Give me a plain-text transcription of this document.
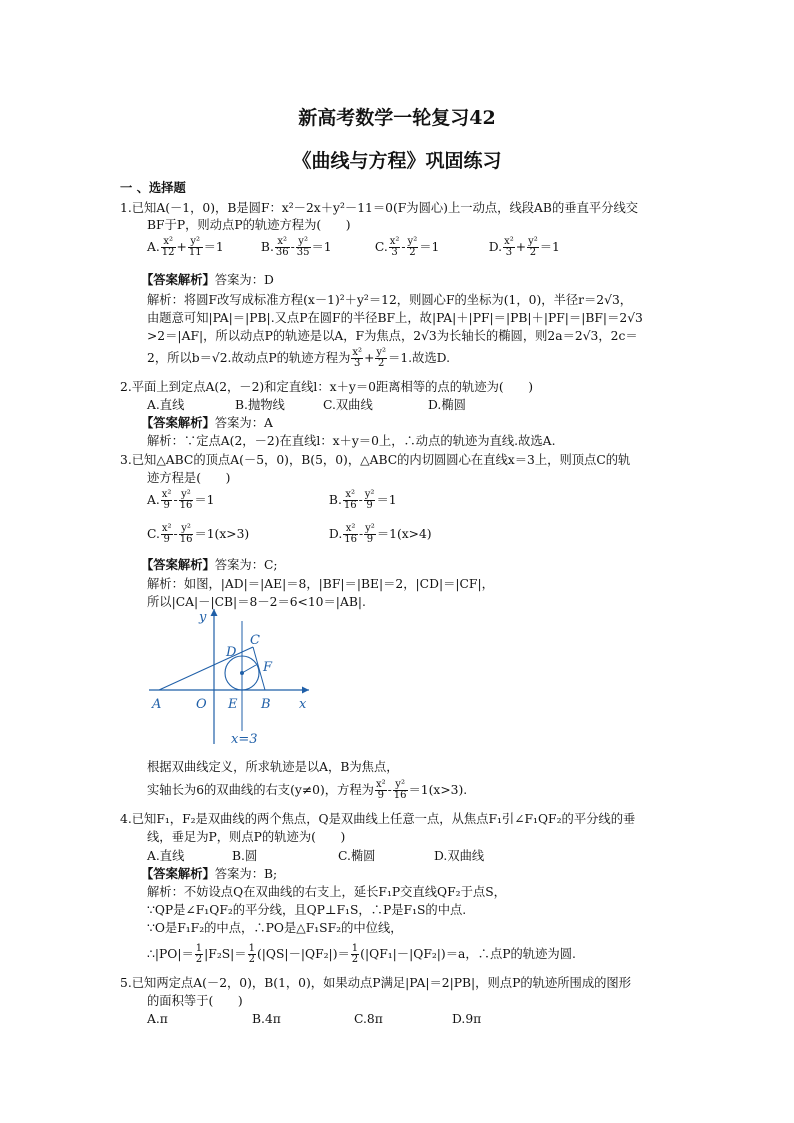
新高考数学一轮复习42
《曲线与方程》巩固练习
一 、选择题
1.已知A(－1，0)，B是圆F：x²－2x＋y²－11＝0(F为圆心)上一动点，线段AB的垂直平分线交
BF于P，则动点P的轨迹方程为(　　)
A. $\frac{\text{x²}}{12} + \frac{\text{y²}}{11} =1$	B. $\frac{\text{x²}}{36} - \frac{\text{y²}}{35} =1$	C. $\frac{\text{x²}}{3} - \frac{\text{y²}}{2} =1$	D. $\frac{\text{x²}}{3} + \frac{\text{y²}}{2} =1$
【答案解析】答案为：D
解析：将圆F改写成标准方程(x－1)²＋y²＝12，则圆心F的坐标为(1，0)，半径r＝2√3，
由题意可知|PA|＝|PB|.又点P在圆F的半径BF上，故|PA|＋|PF|＝|PB|＋|PF|＝|BF|＝2√3
>2＝|AF|，所以动点P的轨迹是以A，F为焦点，2√3为长轴长的椭圆，则2a＝2√3，2c＝
2，所以b＝√2.故动点P的轨迹方程为 $\frac{\text{x²}}{3} + \frac{\text{y²}}{2} =1$.故选D.
2.平面上到定点A(2，－2)和定直线l：x＋y＝0距离相等的点的轨迹为(　　)
A.直线	B.抛物线	C.双曲线	D.椭圆
【答案解析】答案为：A
解析：∵定点A(2，－2)在直线l：x＋y＝0上，∴动点的轨迹为直线.故选A.
3.已知△ABC的顶点A(－5，0)，B(5，0)，△ABC的内切圆圆心在直线x＝3上，则顶点C的轨
迹方程是(　　)
A. $\frac{\text{x²}}{9} - \frac{\text{y²}}{16} =1$	B. $\frac{\text{x²}}{16} - \frac{\text{y²}}{9} =1$
C. $\frac{\text{x²}}{9} - \frac{\text{y²}}{16} =1(x>3)$	D. $\frac{\text{x²}}{16} - \frac{\text{y²}}{9} =1(x>4)$
【答案解析】答案为：C;
解析：如图，|AD|＝|AE|＝8，|BF|＝|BE|＝2，|CD|＝|CF|，
所以|CA|－|CB|＝8－2＝6<10＝|AB|.
y
C
D
F
A	O E B x
x=3
根据双曲线定义，所求轨迹是以A，B为焦点，
实轴长为6的双曲线的右支(y≠0)，方程为 $\frac{\text{x²}}{9} - \frac{\text{y²}}{16} =1(x>3)$.
4.已知F₁，F₂是双曲线的两个焦点，Q是双曲线上任意一点，从焦点F₁引∠F₁QF₂的平分线的垂
线，垂足为P，则点P的轨迹为(　　)
A.直线	B.圆	C.椭圆	D.双曲线
【答案解析】答案为：B;
解析：不妨设点Q在双曲线的右支上，延长F₁P交直线QF₂于点S，
∵QP是∠F₁QF₂的平分线，且QP⊥F₁S，∴P是F₁S的中点.
∵O是F₁F₂的中点，∴PO是△F₁SF₂的中位线，
∴|PO|＝ $\frac{1}{2} |F_2S|= \frac{1}{2} (|QS|-|QF_2|)= \frac{1}{2} (|QF_1|-|QF_2|)=a$，∴点P的轨迹为圆.
5.已知两定点A(－2，0)，B(1，0)，如果动点P满足|PA|＝2|PB|，则点P的轨迹所围成的图形
的面积等于(　　)
A.π	B.4π	C.8π	D.9π
